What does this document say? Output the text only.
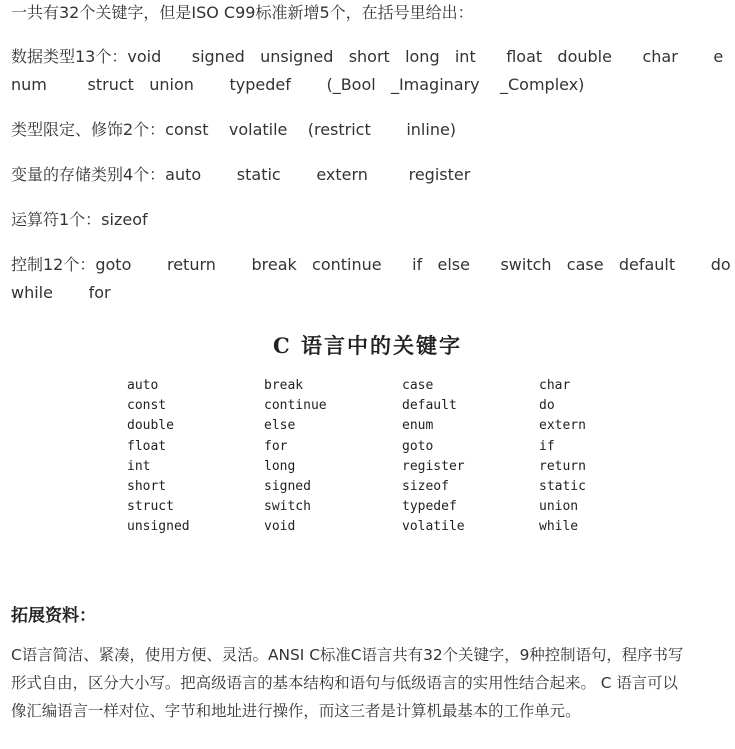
一共有32个关键字，但是ISO C99标准新增5个，在括号里给出：
数据类型13个：void      signed   unsigned   short   long   int      float   double      char       e
num        struct   union       typedef       (_Bool   _Imaginary    _Complex)
类型限定、修饰2个：const    volatile    (restrict       inline)
变量的存储类别4个：auto       static       extern        register
运算符1个：sizeof
控制12个：goto       return       break   continue      if   else      switch   case   default       do
while       for
C 语言中的关键字
auto	break	case	char
const	continue	default	do
double	else	enum	extern
float	for	goto	if
int	long	register	return
short	signed	sizeof	static
struct	switch	typedef	union
unsigned	void	volatile	while
拓展资料：
C语言简洁、紧凑，使用方便、灵活。ANSI C标准C语言共有32个关键字，9种控制语句，程序书写
形式自由，区分大小写。把高级语言的基本结构和语句与低级语言的实用性结合起来。 C 语言可以
像汇编语言一样对位、字节和地址进行操作，而这三者是计算机最基本的工作单元。
